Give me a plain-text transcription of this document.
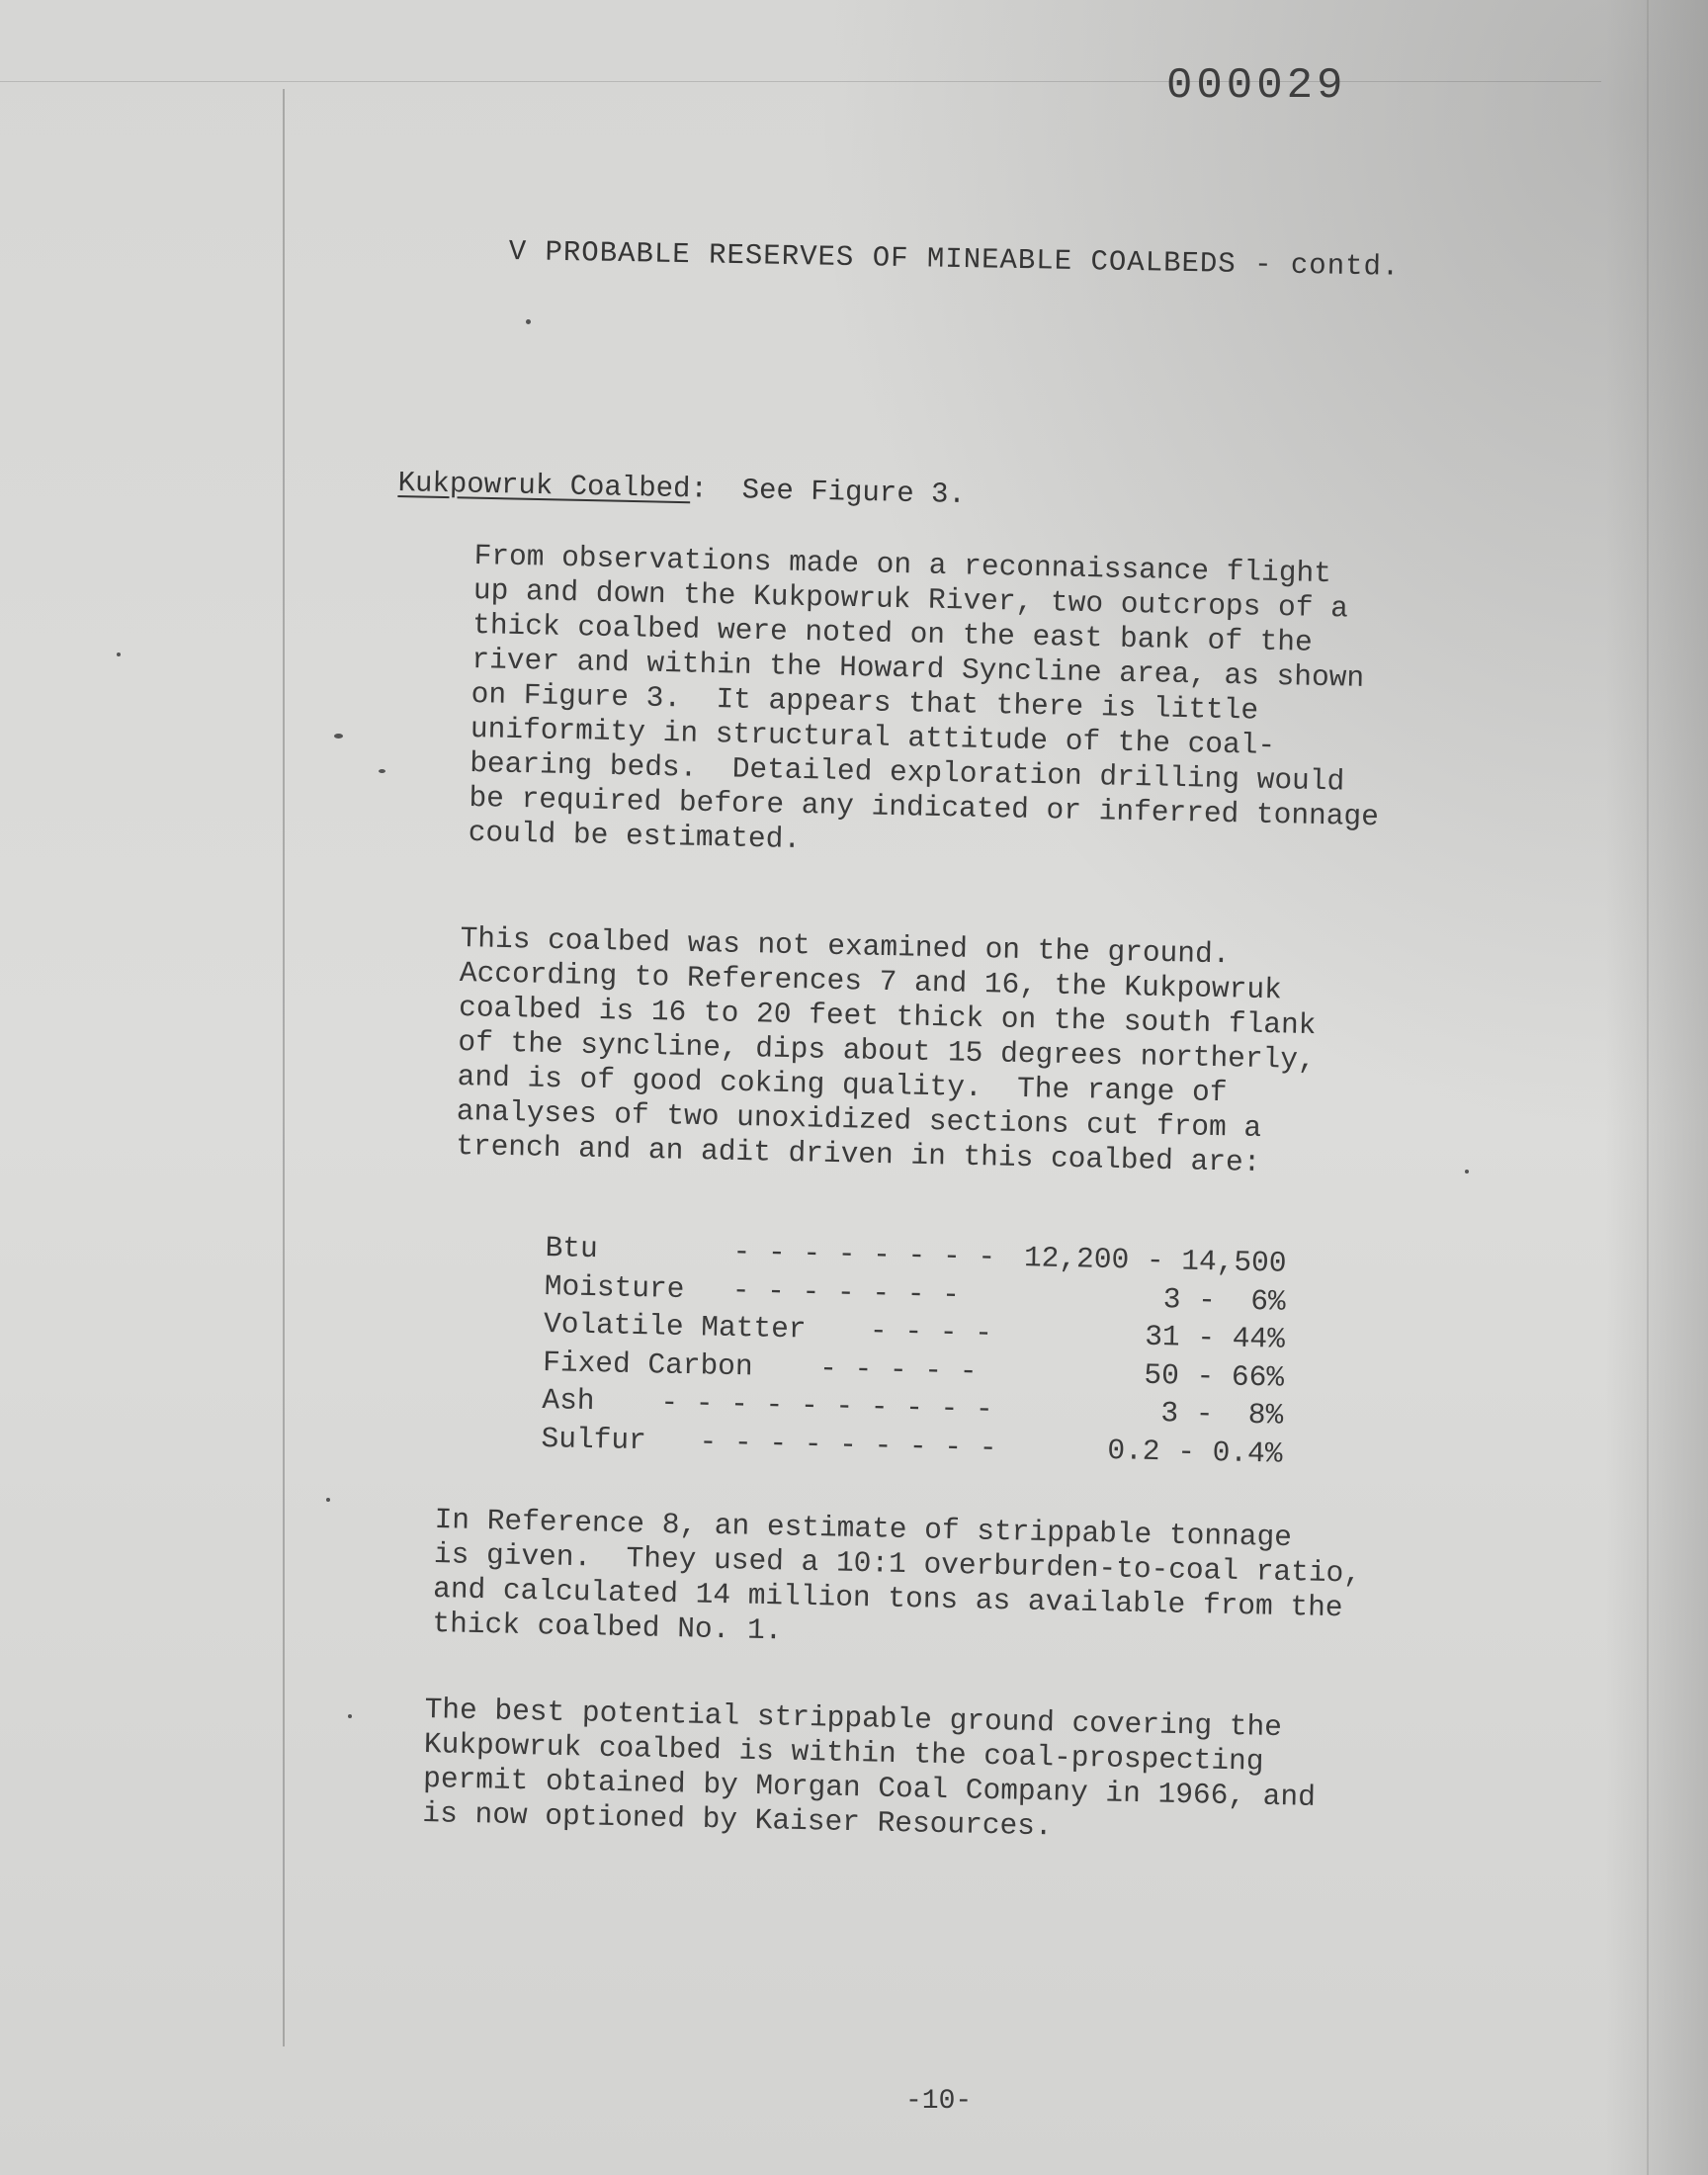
000029
V PROBABLE RESERVES OF MINEABLE COALBEDS - contd.
Kukpowruk Coalbed:  See Figure 3.
From observations made on a reconnaissance flight
up and down the Kukpowruk River, two outcrops of a
thick coalbed were noted on the east bank of the
river and within the Howard Syncline area, as shown
on Figure 3.  It appears that there is little
uniformity in structural attitude of the coal-
bearing beds.  Detailed exploration drilling would
be required before any indicated or inferred tonnage
could be estimated.
This coalbed was not examined on the ground.
According to References 7 and 16, the Kukpowruk
coalbed is 16 to 20 feet thick on the south flank
of the syncline, dips about 15 degrees northerly,
and is of good coking quality.  The range of
analyses of two unoxidized sections cut from a
trench and an adit driven in this coalbed are:
Btu	- - - - - - - - 12,200 - 14,500
Moisture	- - - - - - -	3 -  6%
Volatile Matter	- - - -	31 - 44%
Fixed Carbon	- - - - -	50 - 66%
Ash	- - - - - - - - - -	3 -  8%
Sulfur	- - - - - - - - -	0.2 - 0.4%
In Reference 8, an estimate of strippable tonnage
is given.  They used a 10:1 overburden-to-coal ratio,
and calculated 14 million tons as available from the
thick coalbed No. 1.
The best potential strippable ground covering the
Kukpowruk coalbed is within the coal-prospecting
permit obtained by Morgan Coal Company in 1966, and
is now optioned by Kaiser Resources.
-10-
